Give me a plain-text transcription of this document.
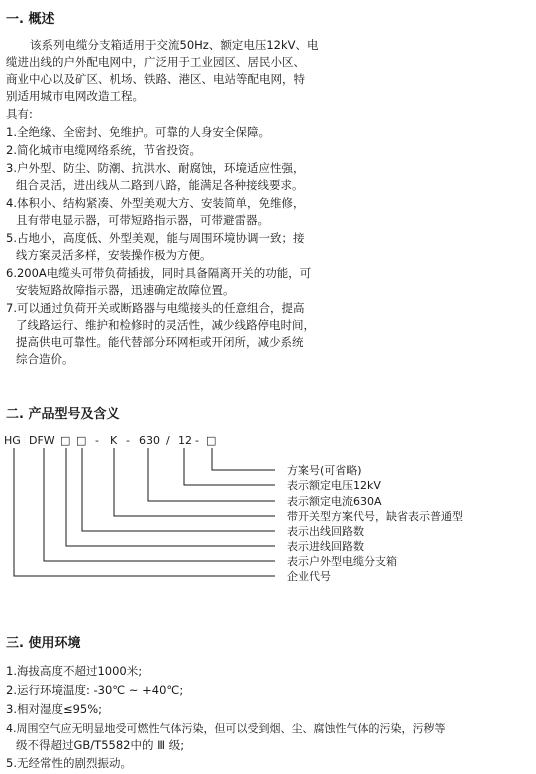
一. 概述

该系列电缆分支箱适用于交流50Hz、额定电压12kV、电

缆进出线的户外配电网中，广泛用于工业园区、居民小区、

商业中心以及矿区、机场、铁路、港区、电站等配电网，特

别适用城市电网改造工程。

具有:

1.全绝缘、全密封、免维护。可靠的人身安全保障。

2.简化城市电缆网络系统，节省投资。

3.户外型、防尘、防潮、抗洪水、耐腐蚀，环境适应性强，

组合灵活，进出线从二路到八路，能满足各种接线要求。

4.体积小、结构紧凑、外型美观大方、安装简单，免维修，

且有带电显示器，可带短路指示器，可带避雷器。

5.占地小，高度低、外型美观，能与周围环境协调一致；接

线方案灵活多样，安装操作极为方便。

6.200A电缆头可带负荷插拔，同时具备隔离开关的功能，可

安装短路故障指示器，迅速确定故障位置。

7.可以通过负荷开关或断路器与电缆接头的任意组合，提高

了线路运行、维护和检修时的灵活性，减少线路停电时间，

提高供电可靠性。能代替部分环网柜或开闭所，减少系统

综合造价。

二. 产品型号及含义
HG DFW □ □ - K - 630 / 12 - □
方案号(可省略)
表示额定电压12kV
表示额定电流630A
带开关型方案代号，缺省表示普通型
表示出线回路数
表示进线回路数
表示户外型电缆分支箱
企业代号
三. 使用环境

1.海拔高度不超过1000米;

2.运行环境温度: -30℃ ~ +40℃;

3.相对湿度≤95%;

4.周围空气应无明显地受可燃性气体污染，但可以受到烟、尘、腐蚀性气体的污染，污秽等

级不得超过GB/T5582中的 Ⅲ 级;

5.无经常性的剧烈振动。
